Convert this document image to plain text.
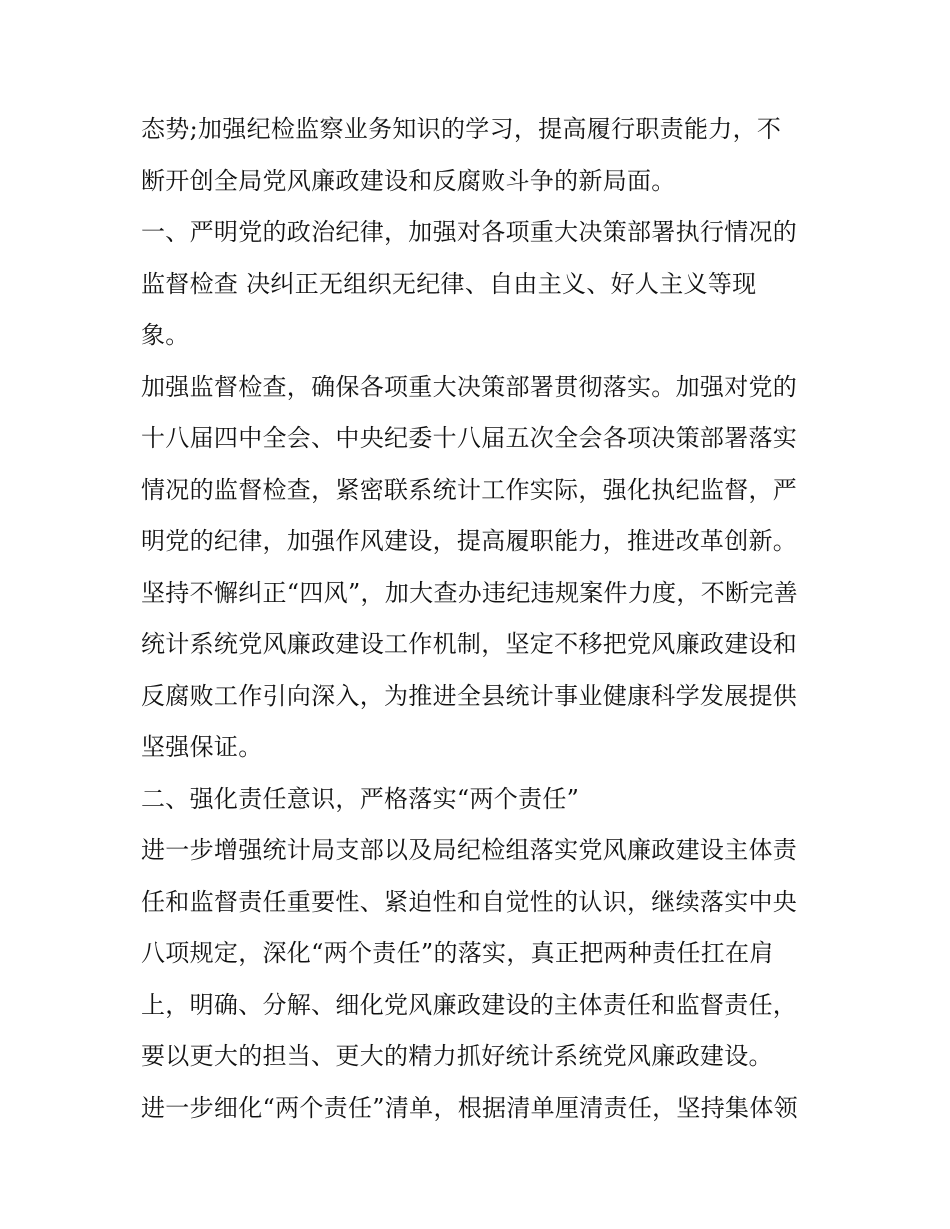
态势;加强纪检监察业务知识的学习，提高履行职责能力，不
断开创全局党风廉政建设和反腐败斗争的新局面。
一、严明党的政治纪律，加强对各项重大决策部署执行情况的
监督检查 决纠正无组织无纪律、自由主义、好人主义等现
象。
加强监督检查，确保各项重大决策部署贯彻落实。加强对党的
十八届四中全会、中央纪委十八届五次全会各项决策部署落实
情况的监督检查，紧密联系统计工作实际，强化执纪监督，严
明党的纪律，加强作风建设，提高履职能力，推进改革创新。
坚持不懈纠正“四风”，加大查办违纪违规案件力度，不断完善
统计系统党风廉政建设工作机制，坚定不移把党风廉政建设和
反腐败工作引向深入，为推进全县统计事业健康科学发展提供
坚强保证。
二、强化责任意识，严格落实“两个责任”
进一步增强统计局支部以及局纪检组落实党风廉政建设主体责
任和监督责任重要性、紧迫性和自觉性的认识，继续落实中央
八项规定，深化“两个责任”的落实，真正把两种责任扛在肩
上，明确、分解、细化党风廉政建设的主体责任和监督责任，
要以更大的担当、更大的精力抓好统计系统党风廉政建设。
进一步细化“两个责任”清单，根据清单厘清责任，坚持集体领
